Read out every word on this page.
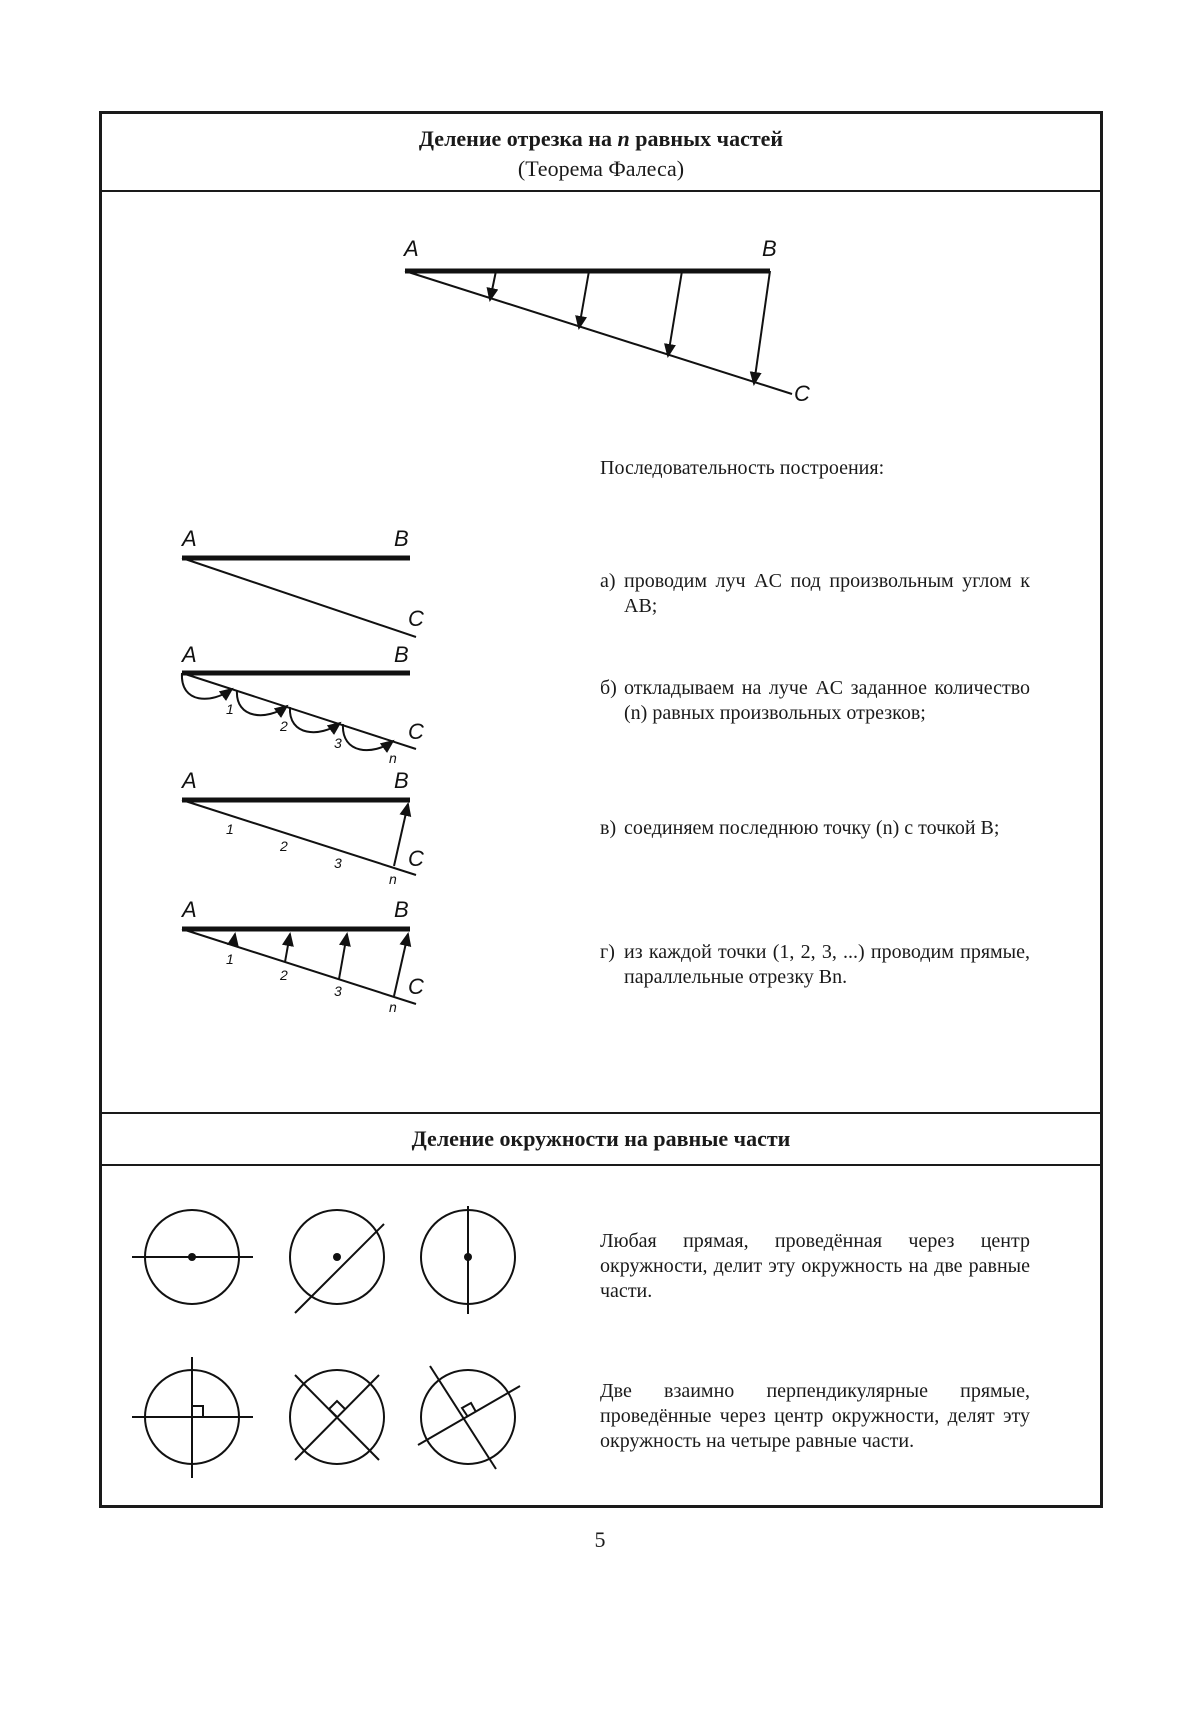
Деление отрезка на n равных частей
(Теорема Фалеса)
A	B
C
A	B
C
A	B
C
1
2
3
n
A	B
C
1
2
3
n
A	B
C
1
2
3
n
Последовательность построения:
а) проводим луч AC под произвольным углом к AB;
б) откладываем на луче AC заданное количество (n) равных произвольных отрезков;
в) соединяем последнюю точку (n) с точкой B;
г) из каждой точки (1, 2, 3, ...) проводим прямые, параллельные отрезку Bn.
Деление окружности на равные части
Любая прямая, проведённая через центр окружности, делит эту окружность на две равные части.
Две взаимно перпендикулярные прямые, проведённые через центр окружности, делят эту окружность на четыре равные части.
5
